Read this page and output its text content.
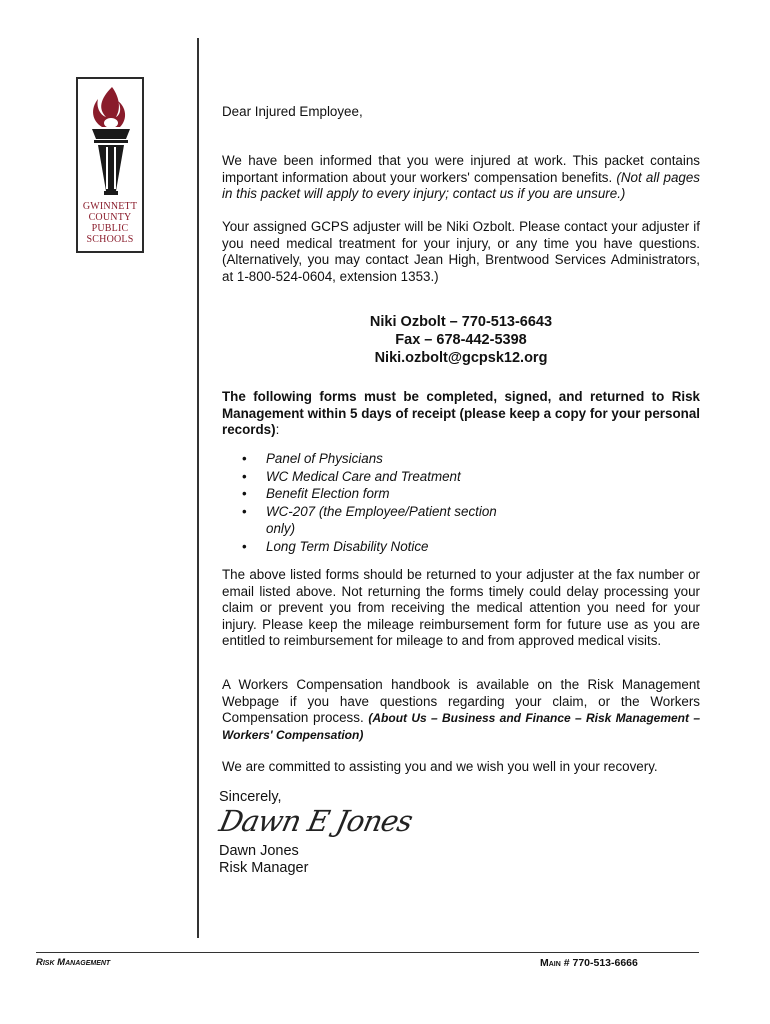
GWINNETT
COUNTY
PUBLIC
SCHOOLS
Dear Injured Employee,

We have been informed that you were injured at work. This packet contains important information about your workers' compensation benefits. (Not all pages in this packet will apply to every injury; contact us if you are unsure.)

Your assigned GCPS adjuster will be Niki Ozbolt. Please contact your adjuster if you need medical treatment for your injury, or any time you have questions. (Alternatively, you may contact Jean High, Brentwood Services Administrators, at 1-800-524-0604, extension 1353.)

Niki Ozbolt – 770-513-6643
Fax – 678-442-5398
Niki.ozbolt@gcpsk12.org

The following forms must be completed, signed, and returned to Risk Management within 5 days of receipt (please keep a copy for your personal records):

• Panel of Physicians
• WC Medical Care and Treatment
• Benefit Election form
• WC-207 (the Employee/Patient section only)
• Long Term Disability Notice

The above listed forms should be returned to your adjuster at the fax number or email listed above. Not returning the forms timely could delay processing your claim or prevent you from receiving the medical attention you need for your injury. Please keep the mileage reimbursement form for future use as you are entitled to reimbursement for mileage to and from approved medical visits.

A Workers Compensation handbook is available on the Risk Management Webpage if you have questions regarding your claim, or the Workers Compensation process. (About Us – Business and Finance – Risk Management – Workers' Compensation)

We are committed to assisting you and we wish you well in your recovery.
Sincerely,
Dawn E Jones
Dawn Jones
Risk Manager
Risk Management	Main # 770-513-6666
